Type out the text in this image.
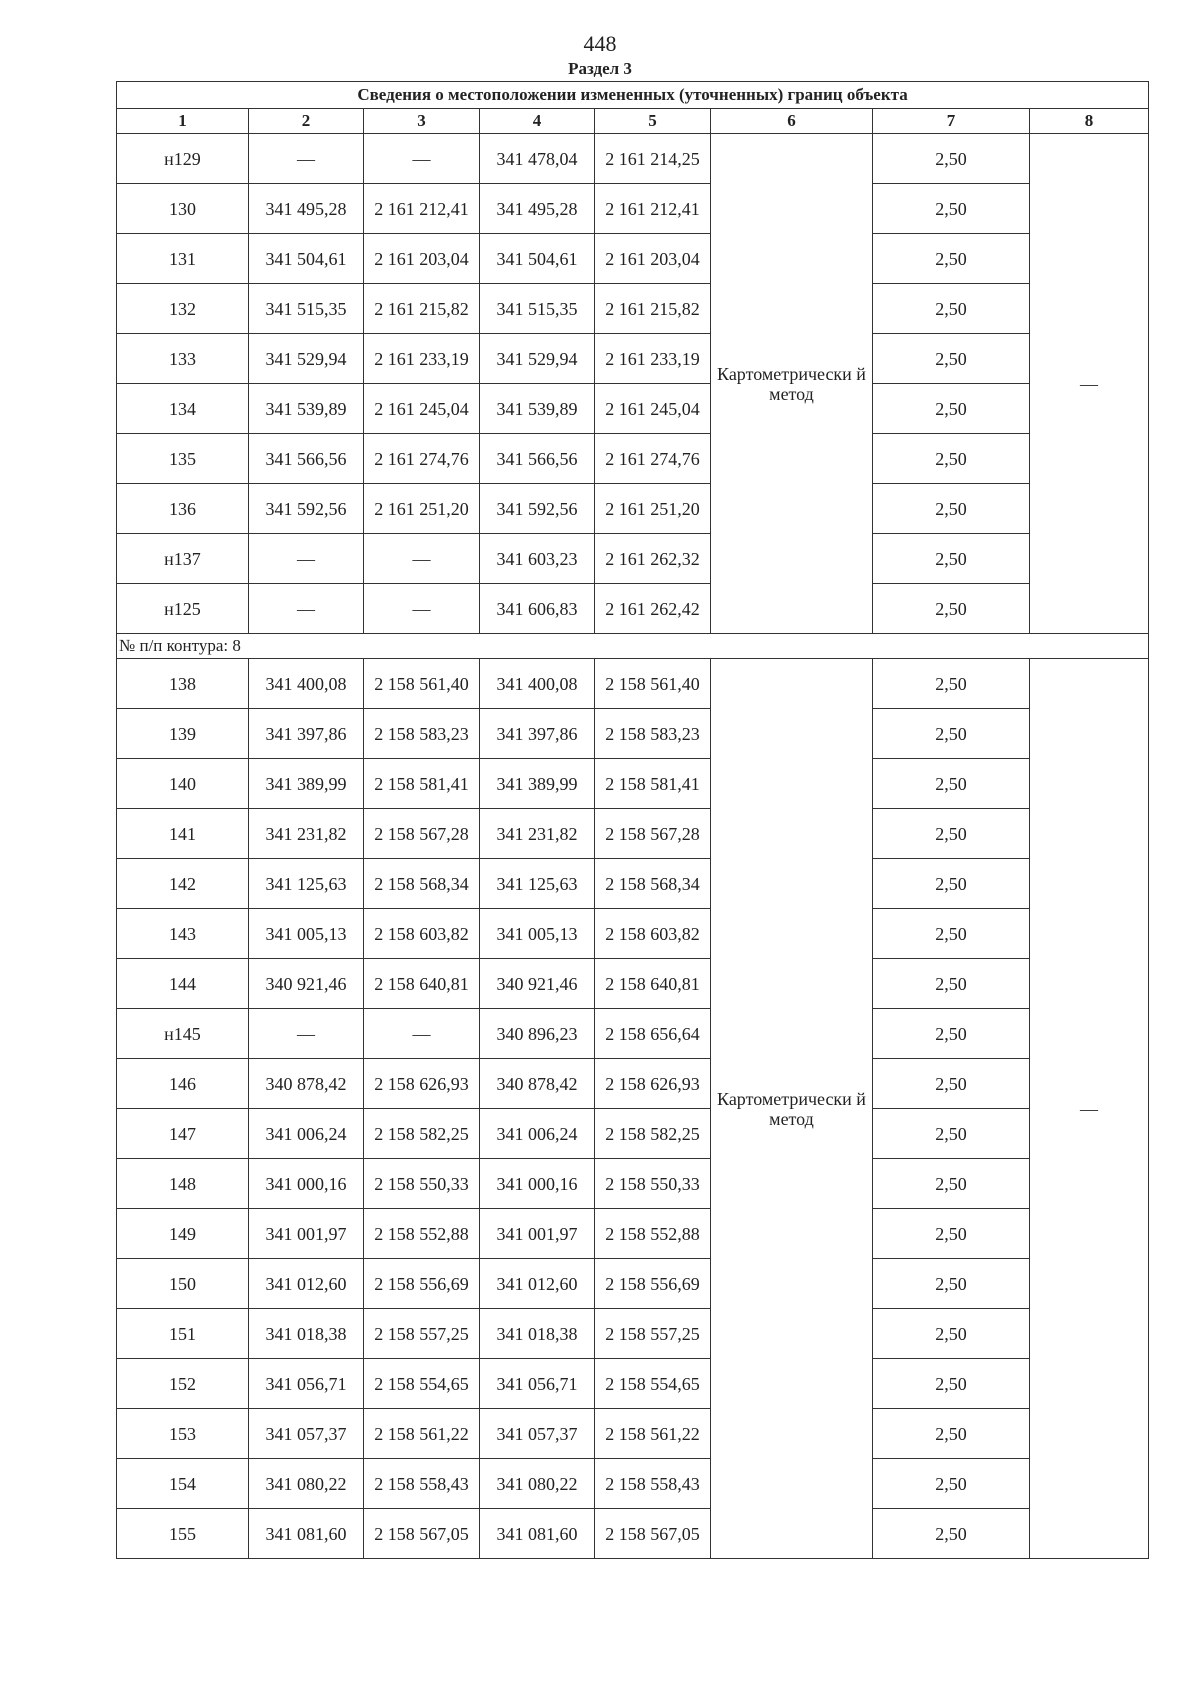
448
Раздел 3
Сведения о местоположении измененных (уточненных) границ объекта							
1	2	3	4	5	6	7	8
н129	—	—	341 478,04	2 161 214,25	Картометрически й метод	2,50	—
130	341 495,28	2 161 212,41	341 495,28	2 161 212,41		2,50	
131	341 504,61	2 161 203,04	341 504,61	2 161 203,04		2,50	
132	341 515,35	2 161 215,82	341 515,35	2 161 215,82		2,50	
133	341 529,94	2 161 233,19	341 529,94	2 161 233,19		2,50	
134	341 539,89	2 161 245,04	341 539,89	2 161 245,04		2,50	
135	341 566,56	2 161 274,76	341 566,56	2 161 274,76		2,50	
136	341 592,56	2 161 251,20	341 592,56	2 161 251,20		2,50	
н137	—	—	341 603,23	2 161 262,32		2,50	
н125	—	—	341 606,83	2 161 262,42		2,50	
№ п/п контура: 8							
138	341 400,08	2 158 561,40	341 400,08	2 158 561,40	Картометрически й метод	2,50	—
139	341 397,86	2 158 583,23	341 397,86	2 158 583,23		2,50	
140	341 389,99	2 158 581,41	341 389,99	2 158 581,41		2,50	
141	341 231,82	2 158 567,28	341 231,82	2 158 567,28		2,50	
142	341 125,63	2 158 568,34	341 125,63	2 158 568,34		2,50	
143	341 005,13	2 158 603,82	341 005,13	2 158 603,82		2,50	
144	340 921,46	2 158 640,81	340 921,46	2 158 640,81		2,50	
н145	—	—	340 896,23	2 158 656,64		2,50	
146	340 878,42	2 158 626,93	340 878,42	2 158 626,93		2,50	
147	341 006,24	2 158 582,25	341 006,24	2 158 582,25		2,50	
148	341 000,16	2 158 550,33	341 000,16	2 158 550,33		2,50	
149	341 001,97	2 158 552,88	341 001,97	2 158 552,88		2,50	
150	341 012,60	2 158 556,69	341 012,60	2 158 556,69		2,50	
151	341 018,38	2 158 557,25	341 018,38	2 158 557,25		2,50	
152	341 056,71	2 158 554,65	341 056,71	2 158 554,65		2,50	
153	341 057,37	2 158 561,22	341 057,37	2 158 561,22		2,50	
154	341 080,22	2 158 558,43	341 080,22	2 158 558,43		2,50	
155	341 081,60	2 158 567,05	341 081,60	2 158 567,05		2,50	
